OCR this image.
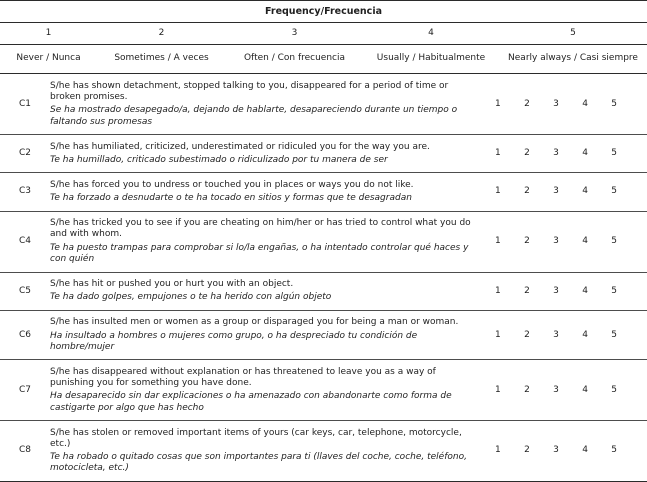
Frequency/Frecuencia
1	2	3	4	5
Never / Nunca	Sometimes / A veces	Often / Con frecuencia	Usually / Habitualmente	Nearly always / Casi siempre
C1
S/he has shown detachment, stopped talking to you, disappeared for a period of time or broken promises.
Se ha mostrado desapegado/a, dejando de hablarte, desapareciendo durante un tiempo o faltando sus promesas
1	2	3	4	5
C2
S/he has humiliated, criticized, underestimated or ridiculed you for the way you are.
Te ha humillado, criticado subestimado o ridiculizado por tu manera de ser
1	2	3	4	5
C3
S/he has forced you to undress or touched you in places or ways you do not like.
Te ha forzado a desnudarte o te ha tocado en sitios y formas que te desagradan
1	2	3	4	5
C4
S/he has tricked you to see if you are cheating on him/her or has tried to control what you do and with whom.
Te ha puesto trampas para comprobar si lo/la engañas, o ha intentado controlar qué haces y con quién
1	2	3	4	5
C5
S/he has hit or pushed you or hurt you with an object.
Te ha dado golpes, empujones o te ha herido con algún objeto
1	2	3	4	5
C6
S/he has insulted men or women as a group or disparaged you for being a man or woman.
Ha insultado a hombres o mujeres como grupo, o ha despreciado tu condición de hombre/mujer
1	2	3	4	5
C7
S/he has disappeared without explanation or has threatened to leave you as a way of punishing you for something you have done.
Ha desaparecido sin dar explicaciones o ha amenazado con abandonarte como forma de castigarte por algo que has hecho
1	2	3	4	5
C8
S/he has stolen or removed important items of yours (car keys, car, telephone, motorcycle, etc.)
Te ha robado o quitado cosas que son importantes para ti (llaves del coche, coche, teléfono, motocicleta, etc.)
1	2	3	4	5
